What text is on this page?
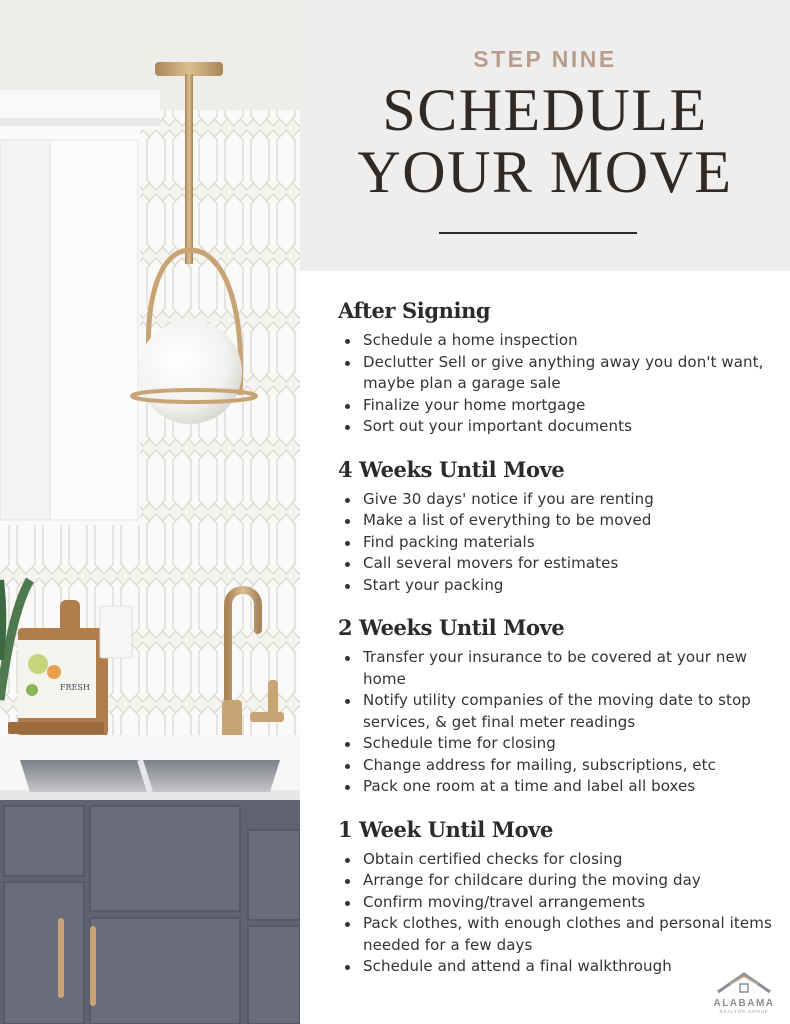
FRESH
STEP NINE
SCHEDULE
YOUR MOVE
After Signing
Schedule a home inspection
Declutter Sell or give anything away you don't want, maybe plan a garage sale
Finalize your home mortgage
Sort out your important documents
4 Weeks Until Move
Give 30 days' notice if you are renting
Make a list of everything to be moved
Find packing materials
Call several movers for estimates
Start your packing
2 Weeks Until Move
Transfer your insurance to be covered at your new home
Notify utility companies of the moving date to stop services, & get final meter readings
Schedule time for closing
Change address for mailing, subscriptions, etc
Pack one room at a time and label all boxes
1 Week Until Move
Obtain certified checks for closing
Arrange for childcare during the moving day
Confirm moving/travel arrangements
Pack clothes, with enough clothes and personal items needed for a few days
Schedule and attend a final walkthrough
ALABAMA
REALTOR GROUP
